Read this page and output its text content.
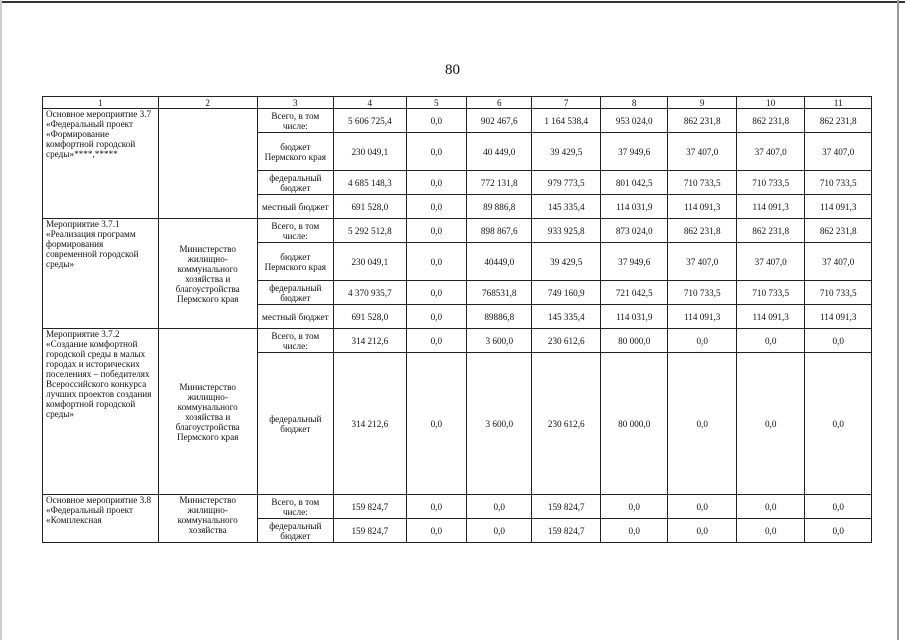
80
1	2	3	4	5	6	7	8	9	10	11
Основное мероприятие 3.7 «Федеральный проект «Формирование комфортной городской среды»****,*****		Всего, в том числе:	5 606 725,4	0,0	902 467,6	1 164 538,4	953 024,0	862 231,8	862 231,8	862 231,8
		бюджет Пермского края	230 049,1	0,0	40 449,0	39 429,5	37 949,6	37 407,0	37 407,0	37 407,0
		федеральный бюджет	4 685 148,3	0,0	772 131,8	979 773,5	801 042,5	710 733,5	710 733,5	710 733,5
		местный бюджет	691 528,0	0,0	89 886,8	145 335,4	114 031,9	114 091,3	114 091,3	114 091,3
Мероприятие 3.7.1 «Реализация программ формирования современной городской среды»	Министерство жилищно-коммунального хозяйства и благоустройства Пермского края	Всего, в том числе:	5 292 512,8	0,0	898 867,6	933 925,8	873 024,0	862 231,8	862 231,8	862 231,8
		бюджет Пермского края	230 049,1	0,0	40449,0	39 429,5	37 949,6	37 407,0	37 407,0	37 407,0
		федеральный бюджет	4 370 935,7	0,0	768531,8	749 160,9	721 042,5	710 733,5	710 733,5	710 733,5
		местный бюджет	691 528,0	0,0	89886,8	145 335,4	114 031,9	114 091,3	114 091,3	114 091,3
Мероприятие 3.7.2 «Создание комфортной городской среды в малых городах и исторических поселениях – победителях Всероссийского конкурса лучших проектов создания комфортной городской среды»	Министерство жилищно-коммунального хозяйства и благоустройства Пермского края	Всего, в том числе:	314 212,6	0,0	3 600,0	230 612,6	80 000,0	0,0	0,0	0,0
		федеральный бюджет	314 212,6	0,0	3 600,0	230 612,6	80 000,0	0,0	0,0	0,0
Основное мероприятие 3.8 «Федеральный проект «Комплексная	Министерство жилищно-коммунального хозяйства	Всего, в том числе:	159 824,7	0,0	0,0	159 824,7	0,0	0,0	0,0	0,0
		федеральный бюджет	159 824,7	0,0	0,0	159 824,7	0,0	0,0	0,0	0,0
